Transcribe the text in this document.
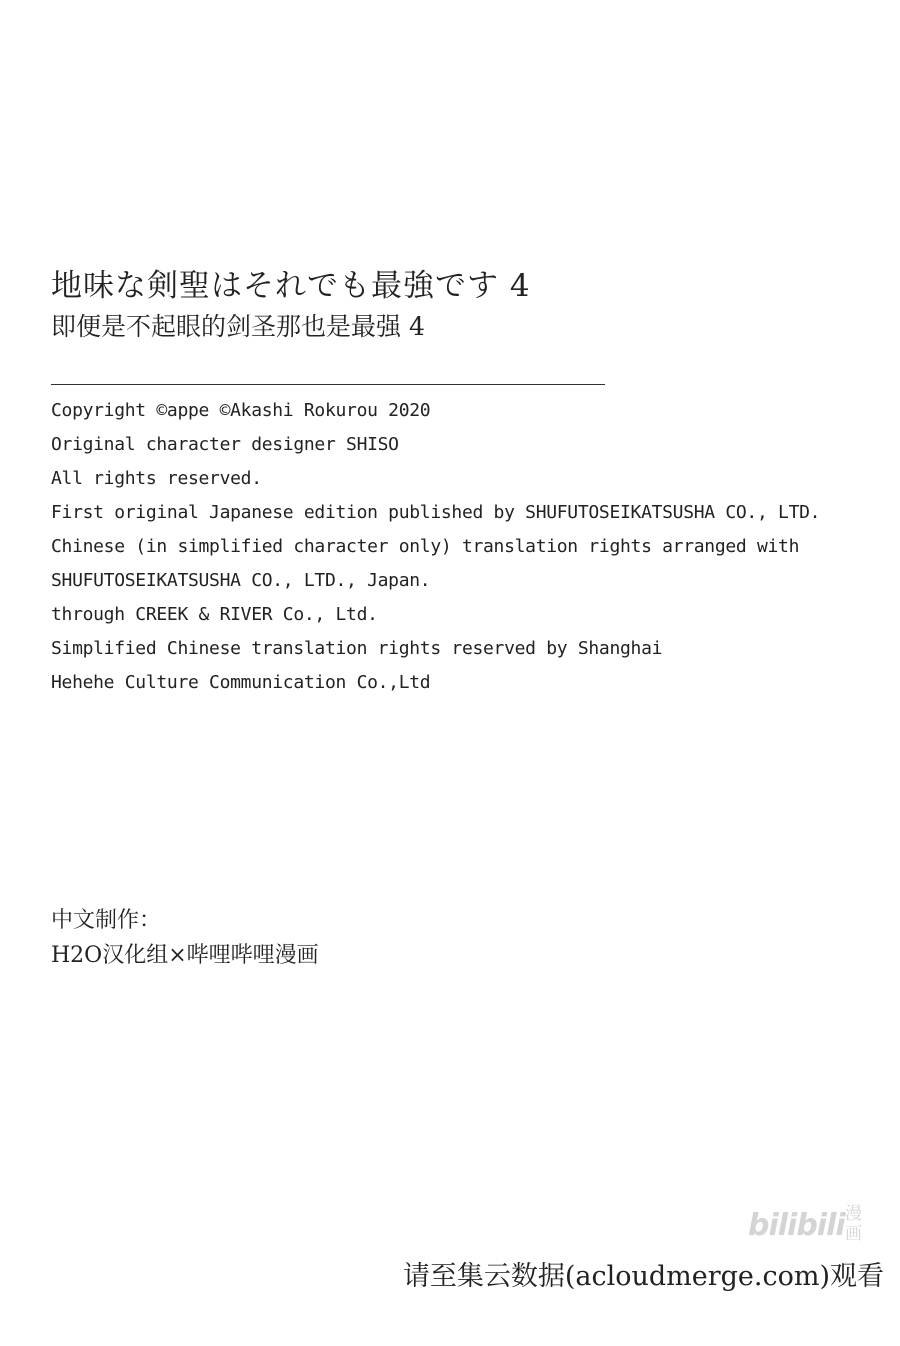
地味な剣聖はそれでも最強です 4
即便是不起眼的剑圣那也是最强 4
Copyright ©appe ©Akashi Rokurou 2020
Original character designer SHISO
All rights reserved.
First original Japanese edition published by SHUFUTOSEIKATSUSHA CO., LTD.
Chinese (in simplified character only) translation rights arranged with
SHUFUTOSEIKATSUSHA CO., LTD., Japan.
through CREEK & RIVER Co., Ltd.
Simplified Chinese translation rights reserved by Shanghai
Hehehe Culture Communication Co.,Ltd
中文制作：
H2O汉化组×哔哩哔哩漫画
bilibili 漫画
请至集云数据(acloudmerge.com)观看
